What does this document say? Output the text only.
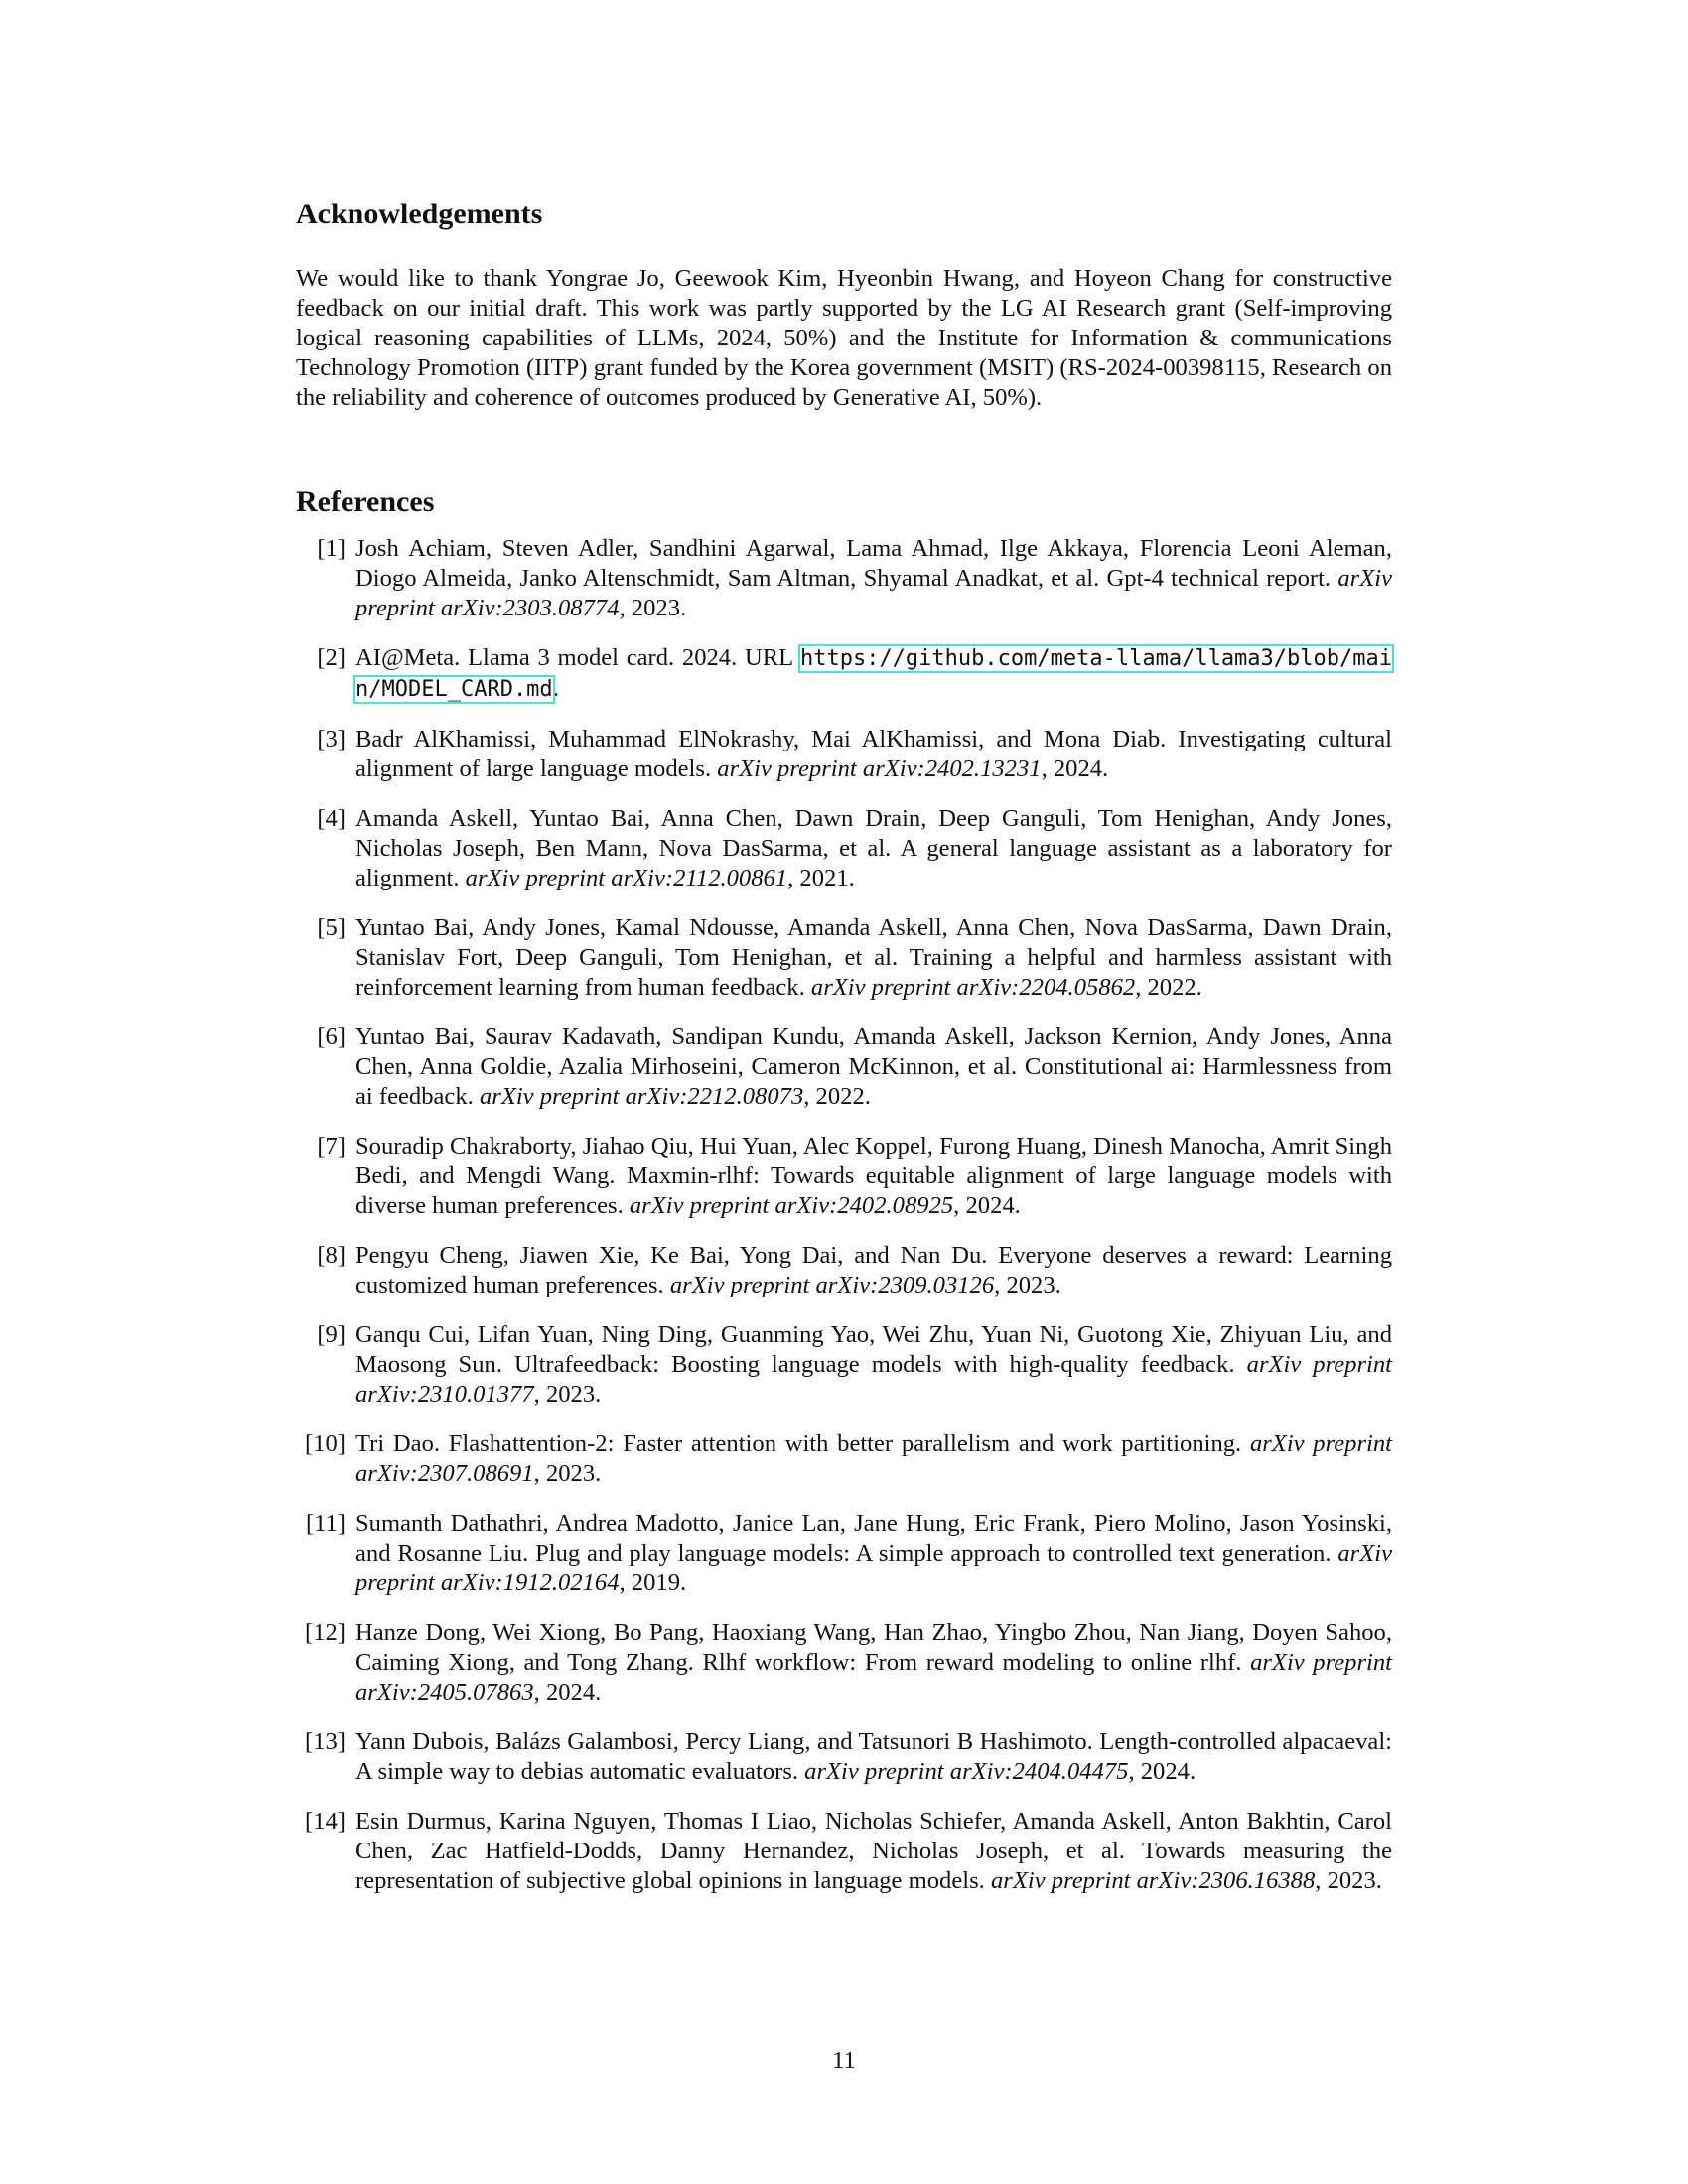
Acknowledgements

We would like to thank Yongrae Jo, Geewook Kim, Hyeonbin Hwang, and Hoyeon Chang for constructive feedback on our initial draft. This work was partly supported by the LG AI Research grant (Self-improving logical reasoning capabilities of LLMs, 2024, 50%) and the Institute for Information & communications Technology Promotion (IITP) grant funded by the Korea government (MSIT) (RS-2024-00398115, Research on the reliability and coherence of outcomes produced by Generative AI, 50%).

References
[1] Josh Achiam, Steven Adler, Sandhini Agarwal, Lama Ahmad, Ilge Akkaya, Florencia Leoni Aleman, Diogo Almeida, Janko Altenschmidt, Sam Altman, Shyamal Anadkat, et al. Gpt-4 technical report. arXiv preprint arXiv:2303.08774, 2023.
[2] AI@Meta. Llama 3 model card. 2024. URL https://github.com/meta-llama/llama3/blob/main/MODEL_CARD.md.
[3] Badr AlKhamissi, Muhammad ElNokrashy, Mai AlKhamissi, and Mona Diab. Investigating cultural alignment of large language models. arXiv preprint arXiv:2402.13231, 2024.
[4] Amanda Askell, Yuntao Bai, Anna Chen, Dawn Drain, Deep Ganguli, Tom Henighan, Andy Jones, Nicholas Joseph, Ben Mann, Nova DasSarma, et al. A general language assistant as a laboratory for alignment. arXiv preprint arXiv:2112.00861, 2021.
[5] Yuntao Bai, Andy Jones, Kamal Ndousse, Amanda Askell, Anna Chen, Nova DasSarma, Dawn Drain, Stanislav Fort, Deep Ganguli, Tom Henighan, et al. Training a helpful and harmless assistant with reinforcement learning from human feedback. arXiv preprint arXiv:2204.05862, 2022.
[6] Yuntao Bai, Saurav Kadavath, Sandipan Kundu, Amanda Askell, Jackson Kernion, Andy Jones, Anna Chen, Anna Goldie, Azalia Mirhoseini, Cameron McKinnon, et al. Constitutional ai: Harmlessness from ai feedback. arXiv preprint arXiv:2212.08073, 2022.
[7] Souradip Chakraborty, Jiahao Qiu, Hui Yuan, Alec Koppel, Furong Huang, Dinesh Manocha, Amrit Singh Bedi, and Mengdi Wang. Maxmin-rlhf: Towards equitable alignment of large language models with diverse human preferences. arXiv preprint arXiv:2402.08925, 2024.
[8] Pengyu Cheng, Jiawen Xie, Ke Bai, Yong Dai, and Nan Du. Everyone deserves a reward: Learning customized human preferences. arXiv preprint arXiv:2309.03126, 2023.
[9] Ganqu Cui, Lifan Yuan, Ning Ding, Guanming Yao, Wei Zhu, Yuan Ni, Guotong Xie, Zhiyuan Liu, and Maosong Sun. Ultrafeedback: Boosting language models with high-quality feedback. arXiv preprint arXiv:2310.01377, 2023.
[10] Tri Dao. Flashattention-2: Faster attention with better parallelism and work partitioning. arXiv preprint arXiv:2307.08691, 2023.
[11] Sumanth Dathathri, Andrea Madotto, Janice Lan, Jane Hung, Eric Frank, Piero Molino, Jason Yosinski, and Rosanne Liu. Plug and play language models: A simple approach to controlled text generation. arXiv preprint arXiv:1912.02164, 2019.
[12] Hanze Dong, Wei Xiong, Bo Pang, Haoxiang Wang, Han Zhao, Yingbo Zhou, Nan Jiang, Doyen Sahoo, Caiming Xiong, and Tong Zhang. Rlhf workflow: From reward modeling to online rlhf. arXiv preprint arXiv:2405.07863, 2024.
[13] Yann Dubois, Balázs Galambosi, Percy Liang, and Tatsunori B Hashimoto. Length-controlled alpacaeval: A simple way to debias automatic evaluators. arXiv preprint arXiv:2404.04475, 2024.
[14] Esin Durmus, Karina Nguyen, Thomas I Liao, Nicholas Schiefer, Amanda Askell, Anton Bakhtin, Carol Chen, Zac Hatfield-Dodds, Danny Hernandez, Nicholas Joseph, et al. Towards measuring the representation of subjective global opinions in language models. arXiv preprint arXiv:2306.16388, 2023.

11
